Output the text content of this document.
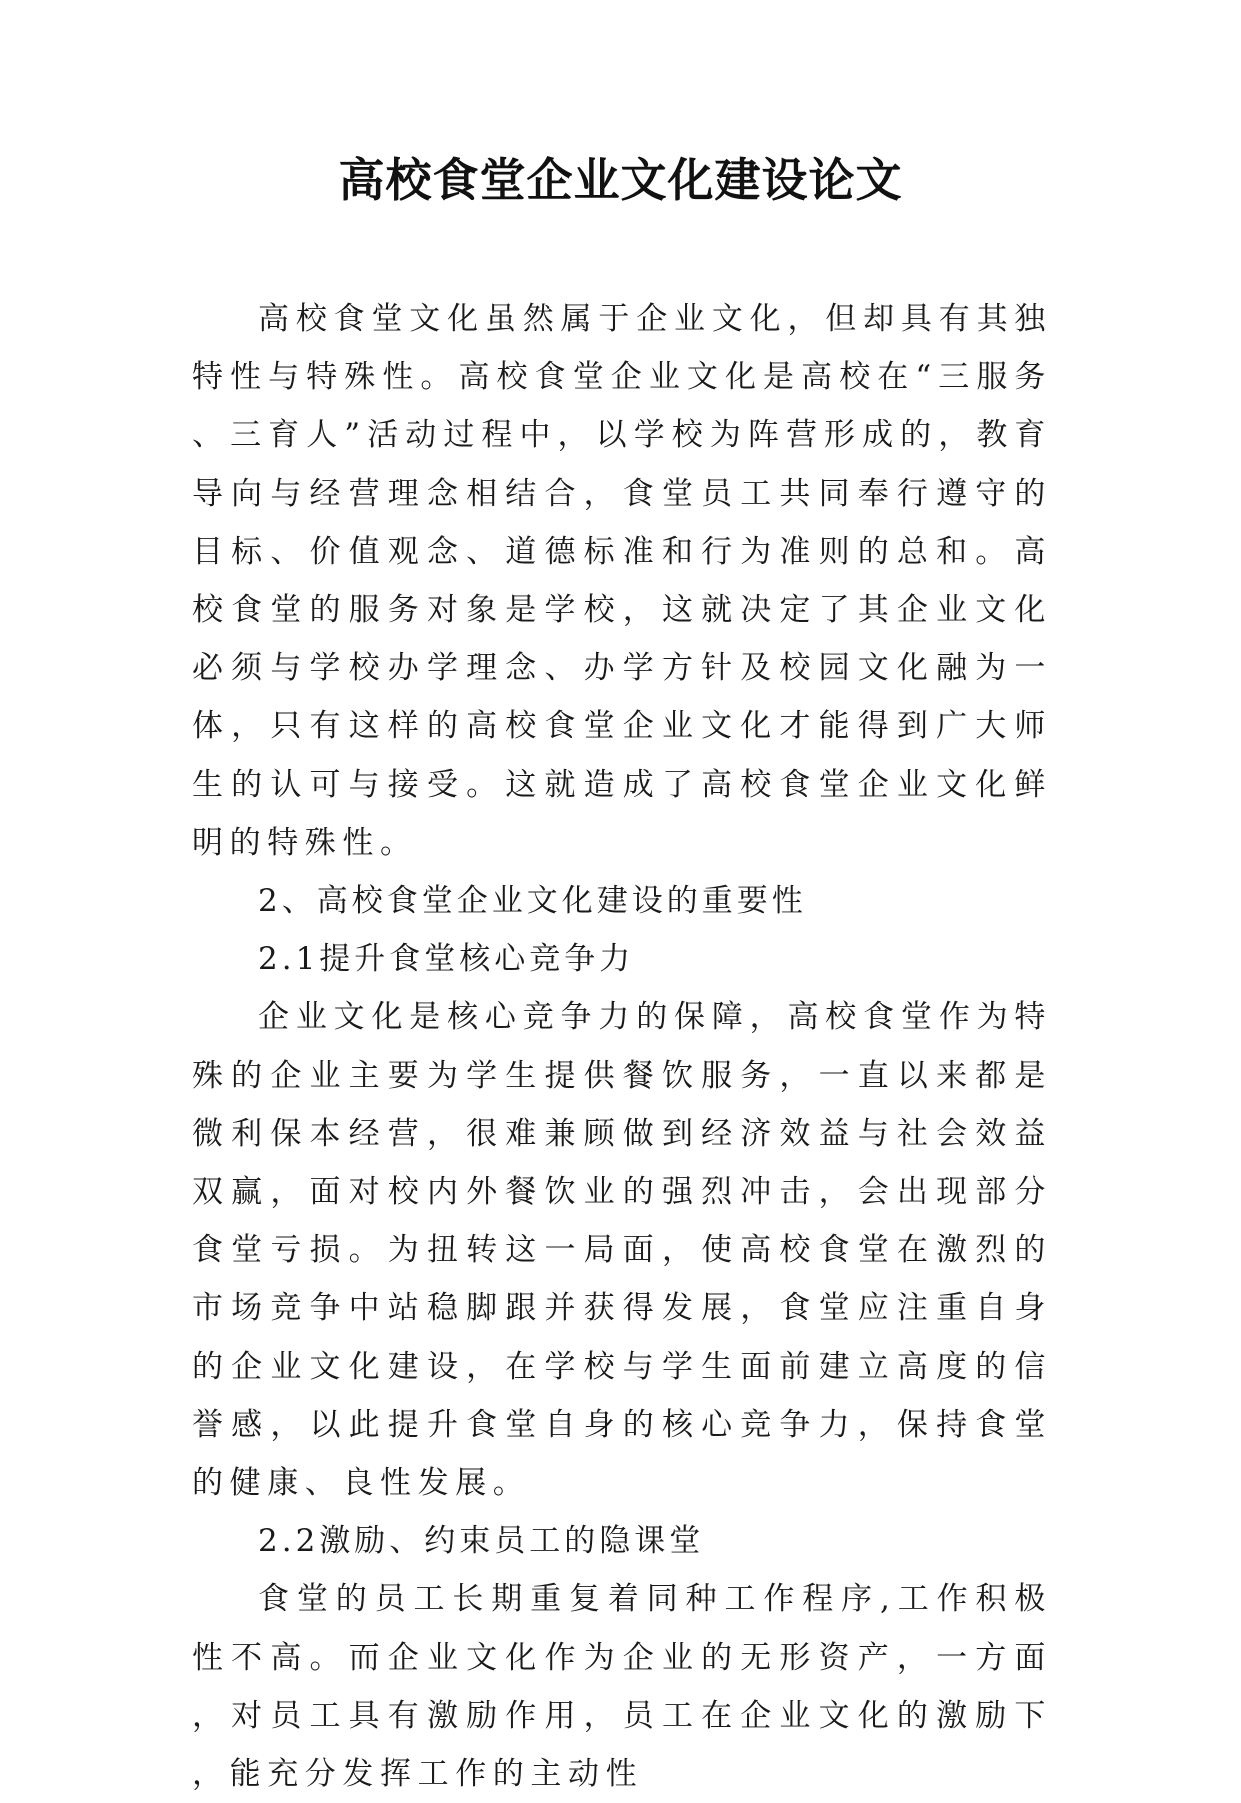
高校食堂企业文化建设论文

高校食堂文化虽然属于企业文化，但却具有其独特性与特殊性。高校食堂企业文化是高校在“三服务、三育人”活动过程中，以学校为阵营形成的，教育导向与经营理念相结合，食堂员工共同奉行遵守的目标、价值观念、道德标准和行为准则的总和。高校食堂的服务对象是学校，这就决定了其企业文化必须与学校办学理念、办学方针及校园文化融为一体，只有这样的高校食堂企业文化才能得到广大师生的认可与接受。这就造成了高校食堂企业文化鲜明的特殊性。

2、高校食堂企业文化建设的重要性

2.1提升食堂核心竞争力

企业文化是核心竞争力的保障，高校食堂作为特殊的企业主要为学生提供餐饮服务，一直以来都是微利保本经营，很难兼顾做到经济效益与社会效益双赢，面对校内外餐饮业的强烈冲击，会出现部分食堂亏损。为扭转这一局面，使高校食堂在激烈的市场竞争中站稳脚跟并获得发展，食堂应注重自身的企业文化建设，在学校与学生面前建立高度的信誉感，以此提升食堂自身的核心竞争力，保持食堂的健康、良性发展。

2.2激励、约束员工的隐课堂

食堂的员工长期重复着同种工作程序,工作积极性不高。而企业文化作为企业的无形资产，一方面，对员工具有激励作用，员工在企业文化的激励下，能充分发挥工作的主动性
